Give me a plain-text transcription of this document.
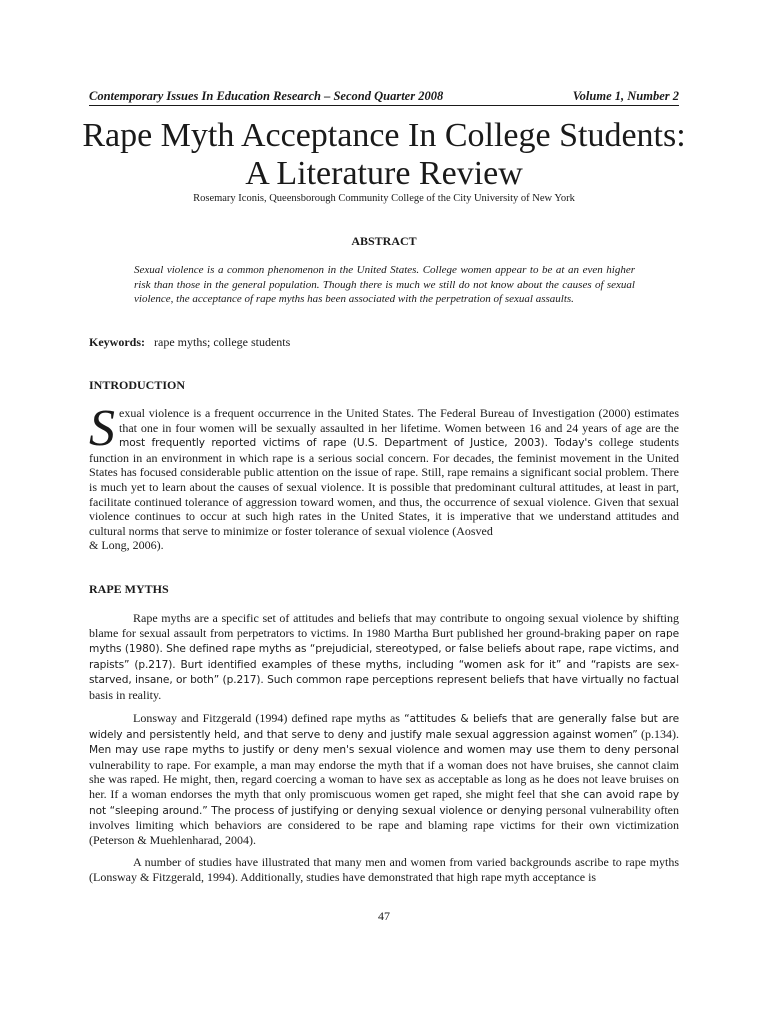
Contemporary Issues In Education Research – Second Quarter 2008	Volume 1, Number 2
Rape Myth Acceptance In College Students:
A Literature Review
Rosemary Iconis, Queensborough Community College of the City University of New York
ABSTRACT
Sexual violence is a common phenomenon in the United States. College women appear to be at an even higher risk than those in the general population. Though there is much we still do not know about the causes of sexual violence, the acceptance of rape myths has been associated with the perpetration of sexual assaults.
Keywords: rape myths; college students
INTRODUCTION
Sexual violence is a frequent occurrence in the United States. The Federal Bureau of Investigation (2000) estimates that one in four women will be sexually assaulted in her lifetime. Women between 16 and 24 years of age are the most frequently reported victims of rape (U.S. Department of Justice, 2003). Today's college students function in an environment in which rape is a serious social concern. For decades, the feminist movement in the United States has focused considerable public attention on the issue of rape. Still, rape remains a significant social problem. There is much yet to learn about the causes of sexual violence. It is possible that predominant cultural attitudes, at least in part, facilitate continued tolerance of aggression toward women, and thus, the occurrence of sexual violence. Given that sexual violence continues to occur at such high rates in the United States, it is imperative that we understand attitudes and cultural norms that serve to minimize or foster tolerance of sexual violence (Aosved
& Long, 2006).
RAPE MYTHS
Rape myths are a specific set of attitudes and beliefs that may contribute to ongoing sexual violence by shifting blame for sexual assault from perpetrators to victims. In 1980 Martha Burt published her ground-braking paper on rape myths (1980). She defined rape myths as “prejudicial, stereotyped, or false beliefs about rape, rape victims, and rapists” (p.217). Burt identified examples of these myths, including “women ask for it” and “rapists are sex-starved, insane, or both” (p.217). Such common rape perceptions represent beliefs that have virtually no factual basis in reality.
Lonsway and Fitzgerald (1994) defined rape myths as “attitudes & beliefs that are generally false but are widely and persistently held, and that serve to deny and justify male sexual aggression against women” (p.134). Men may use rape myths to justify or deny men's sexual violence and women may use them to deny personal vulnerability to rape. For example, a man may endorse the myth that if a woman does not have bruises, she cannot claim she was raped. He might, then, regard coercing a woman to have sex as acceptable as long as he does not leave bruises on her. If a woman endorses the myth that only promiscuous women get raped, she might feel that she can avoid rape by not “sleeping around.” The process of justifying or denying sexual violence or denying personal vulnerability often involves limiting which behaviors are considered to be rape and blaming rape victims for their own victimization (Peterson & Muehlenharad, 2004).
A number of studies have illustrated that many men and women from varied backgrounds ascribe to rape myths (Lonsway & Fitzgerald, 1994). Additionally, studies have demonstrated that high rape myth acceptance is
47
